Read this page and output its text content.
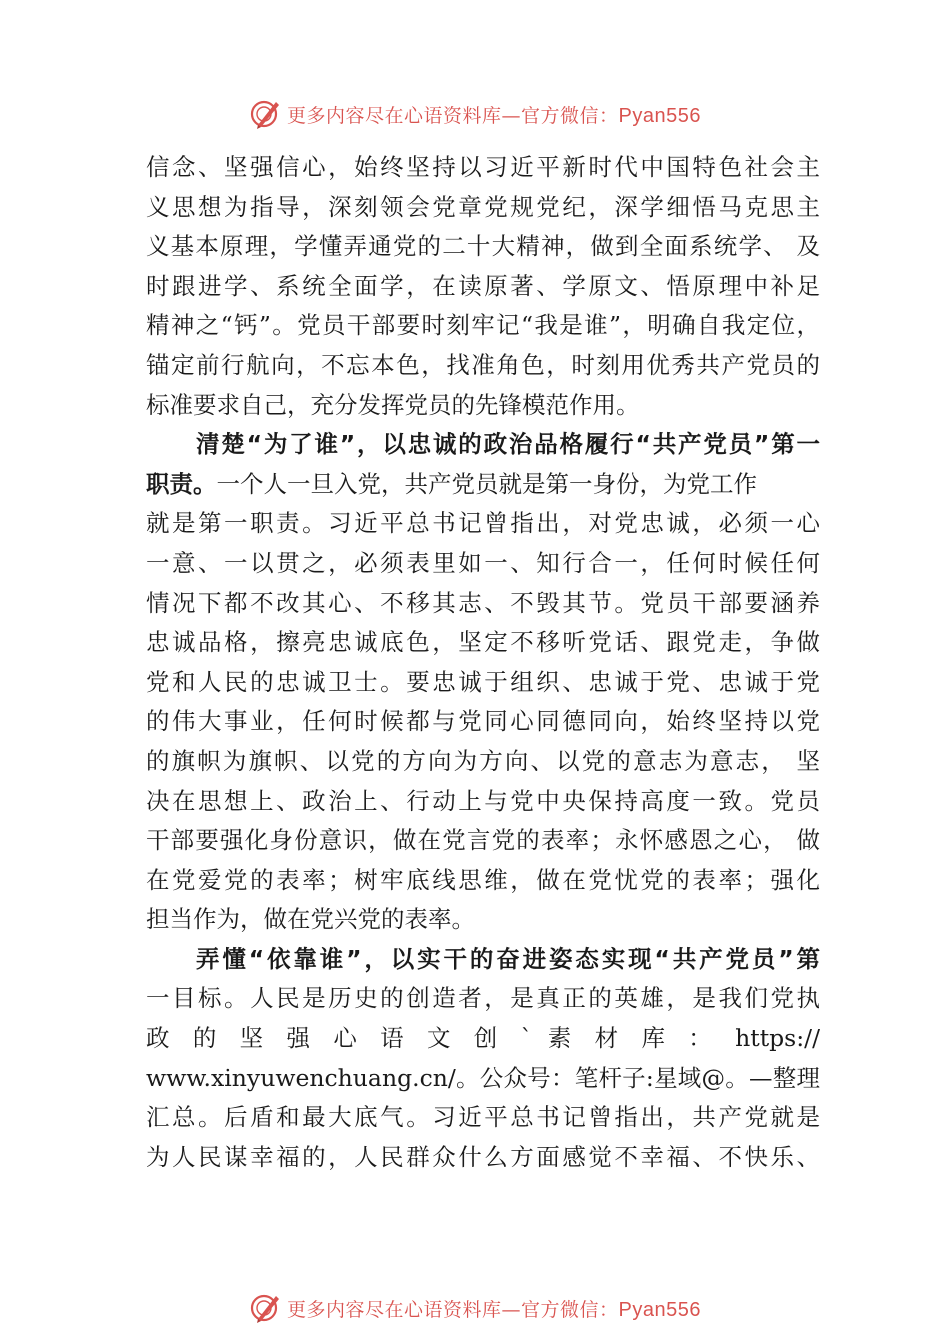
更多内容尽在心语资料库—官方微信：Pyan556

信念、坚强信心，始终坚持以习近平新时代中国特色社会主
义思想为指导，深刻领会党章党规党纪，深学细悟马克思主
义基本原理，学懂弄通党的二十大精神，做到全面系统学、 及
时跟进学、系统全面学，在读原著、学原文、悟原理中补足
精神之“钙”。党员干部要时刻牢记“我是谁”，明确自我定位，
锚定前行航向，不忘本色，找准角色，时刻用优秀共产党员的
标准要求自己，充分发挥党员的先锋模范作用。

清楚“为了谁”，以忠诚的政治品格履行“共产党员”第一
职责。一个人一旦入党，共产党员就是第一身份，为党工作
就是第一职责。习近平总书记曾指出，对党忠诚，必须一心
一意、一以贯之，必须表里如一、知行合一，任何时候任何
情况下都不改其心、不移其志、不毁其节。党员干部要涵养
忠诚品格，擦亮忠诚底色，坚定不移听党话、跟党走，争做
党和人民的忠诚卫士。要忠诚于组织、忠诚于党、忠诚于党
的伟大事业，任何时候都与党同心同德同向，始终坚持以党
的旗帜为旗帜、以党的方向为方向、以党的意志为意志， 坚
决在思想上、政治上、行动上与党中央保持高度一致。党员
干部要强化身份意识，做在党言党的表率；永怀感恩之心， 做
在党爱党的表率；树牢底线思维，做在党忧党的表率；强化
担当作为，做在党兴党的表率。

弄懂“依靠谁”，以实干的奋进姿态实现“共产党员”第
一目标。人民是历史的创造者，是真正的英雄，是我们党执
政 的 坚 强 心 语 文 创 ` 素 材 库 ： https://
www.xinyuwenchuang.cn/。公众号：笔杆子:星域@。—整理
汇总。后盾和最大底气。习近平总书记曾指出，共产党就是
为人民谋幸福的，人民群众什么方面感觉不幸福、不快乐、

更多内容尽在心语资料库—官方微信：Pyan556
